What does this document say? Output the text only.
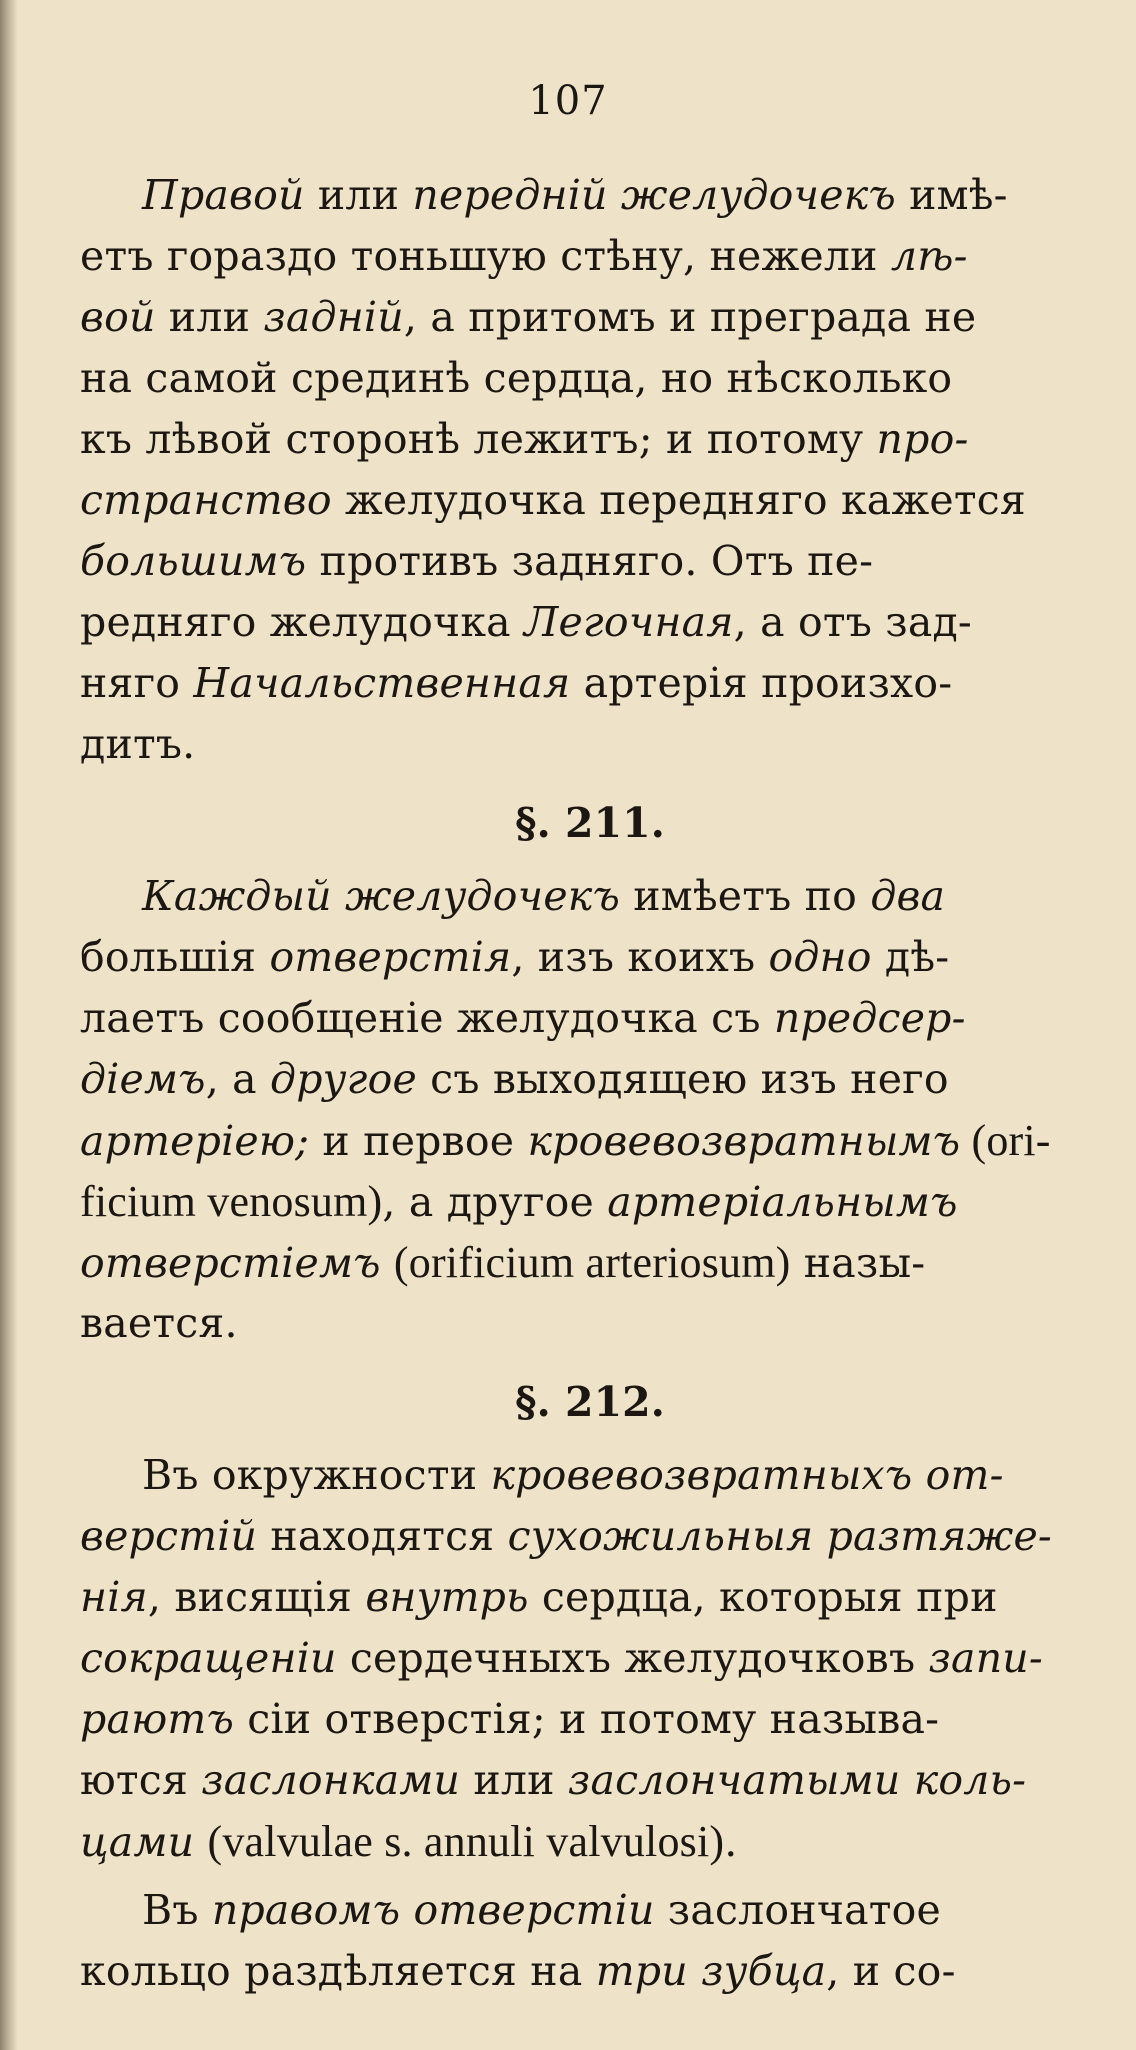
107
Правой или передній желудочекъ имѣ-
етъ гораздо тоньшую стѣну, нежели лѣ-
вой или задній, а притомъ и преграда не
на самой срединѣ сердца, но нѣсколько
къ лѣвой сторонѣ лежитъ; и потому про-
странство желудочка передняго кажется
большимъ противъ задняго. Отъ пе-
редняго желудочка Легочная, а отъ зад-
няго Начальственная артерія произхо-
дитъ.
§. 211.
Каждый желудочекъ имѣетъ по два
большія отверстія, изъ коихъ одно дѣ-
лаетъ сообщеніе желудочка съ предсер-
діемъ, а другое съ выходящею изъ него
артеріею; и первое кровевозвратнымъ (ori-
ficium venosum), а другое артеріальнымъ
отверстіемъ (orificium arteriosum) назы-
вается.
§. 212.
Въ окружности кровевозвратныхъ от-
верстій находятся сухожильныя разтяже-
нія, висящія внутрь сердца, которыя при
сокращеніи сердечныхъ желудочковъ запи-
раютъ сіи отверстія; и потому называ-
ются заслонками или заслончатыми коль-
цами (valvulae s. annuli valvulosi).
Въ правомъ отверстіи заслончатое
кольцо раздѣляется на три зубца, и со-
